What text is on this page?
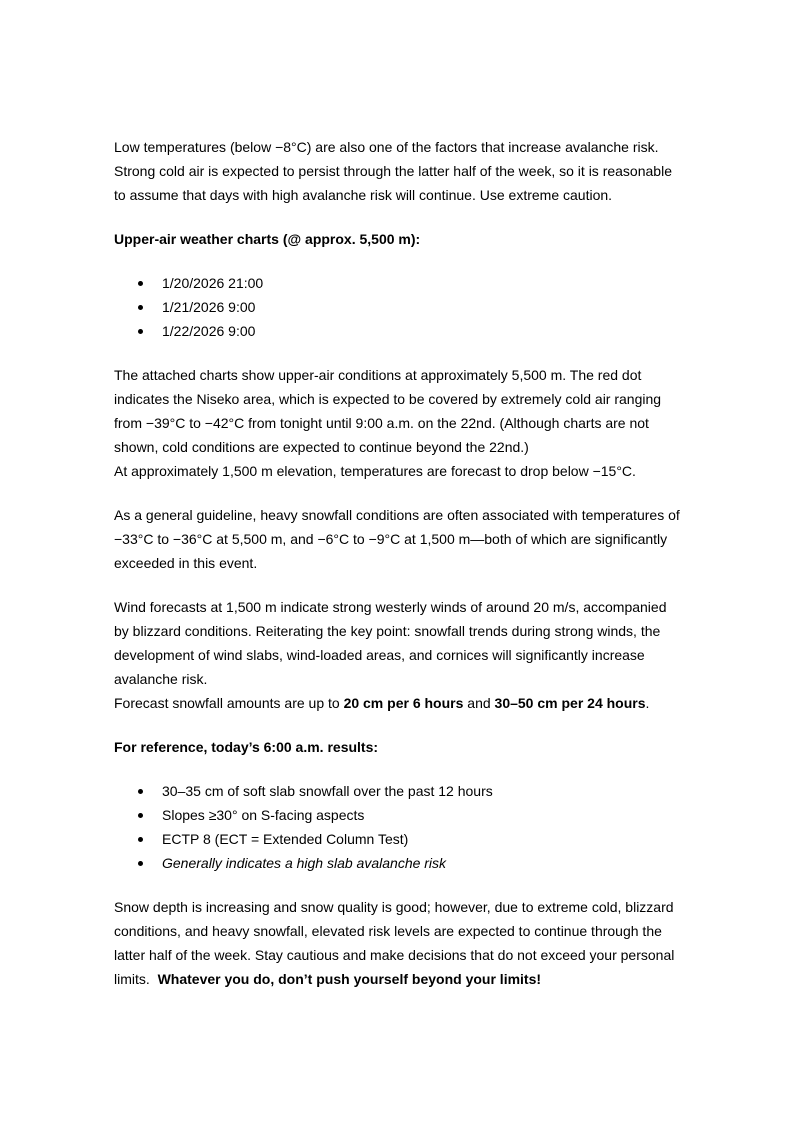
Low temperatures (below −8°C) are also one of the factors that increase avalanche risk.
Strong cold air is expected to persist through the latter half of the week, so it is reasonable
to assume that days with high avalanche risk will continue. Use extreme caution.

Upper-air weather charts (@ approx. 5,500 m):

1/20/2026 21:00
1/21/2026 9:00
1/22/2026 9:00

The attached charts show upper-air conditions at approximately 5,500 m. The red dot
indicates the Niseko area, which is expected to be covered by extremely cold air ranging
from −39°C to −42°C from tonight until 9:00 a.m. on the 22nd. (Although charts are not
shown, cold conditions are expected to continue beyond the 22nd.)
At approximately 1,500 m elevation, temperatures are forecast to drop below −15°C.

As a general guideline, heavy snowfall conditions are often associated with temperatures of
−33°C to −36°C at 5,500 m, and −6°C to −9°C at 1,500 m—both of which are significantly
exceeded in this event.

Wind forecasts at 1,500 m indicate strong westerly winds of around 20 m/s, accompanied
by blizzard conditions. Reiterating the key point: snowfall trends during strong winds, the
development of wind slabs, wind-loaded areas, and cornices will significantly increase
avalanche risk.
Forecast snowfall amounts are up to 20 cm per 6 hours and 30–50 cm per 24 hours.

For reference, today’s 6:00 a.m. results:

30–35 cm of soft slab snowfall over the past 12 hours
Slopes ≥30° on S-facing aspects
ECTP 8 (ECT = Extended Column Test)
Generally indicates a high slab avalanche risk

Snow depth is increasing and snow quality is good; however, due to extreme cold, blizzard
conditions, and heavy snowfall, elevated risk levels are expected to continue through the
latter half of the week. Stay cautious and make decisions that do not exceed your personal
limits.  Whatever you do, don’t push yourself beyond your limits!
